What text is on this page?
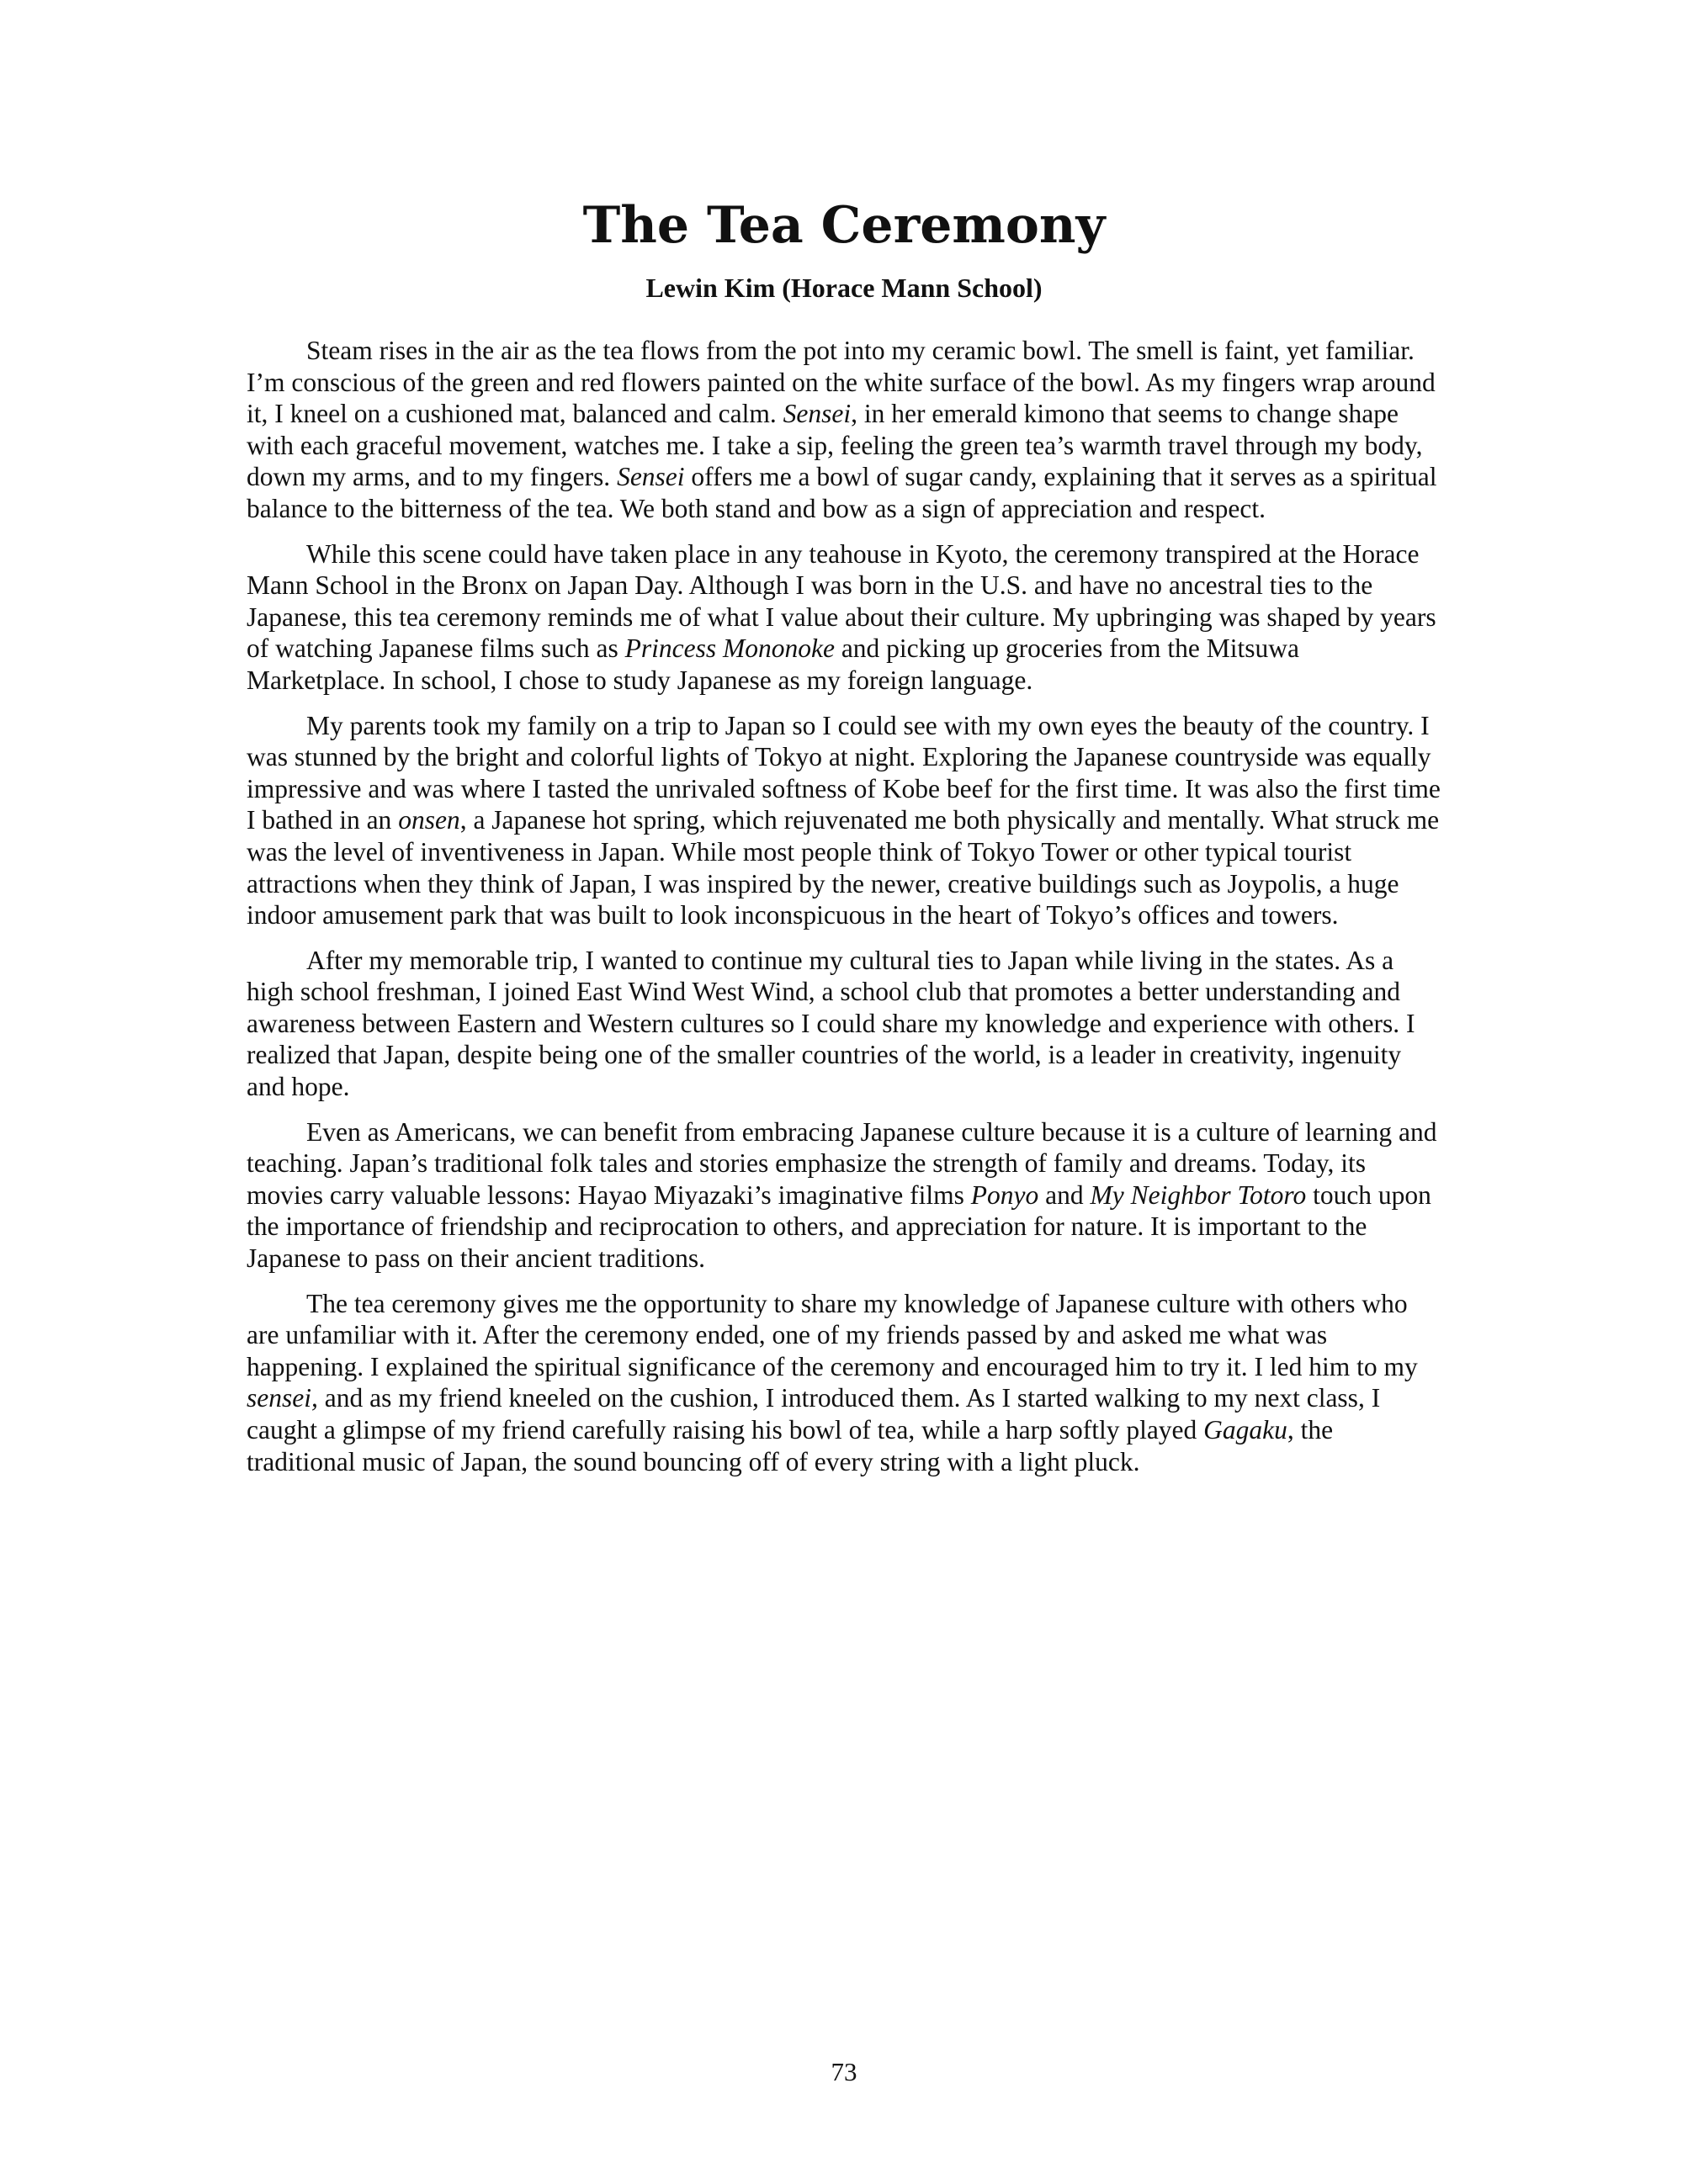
The Tea Ceremony
Lewin Kim (Horace Mann School)

Steam rises in the air as the tea flows from the pot into my ceramic bowl. The smell is faint, yet familiar. I’m conscious of the green and red flowers painted on the white surface of the bowl. As my fingers wrap around it, I kneel on a cushioned mat, balanced and calm. Sensei, in her emerald kimono that seems to change shape with each graceful movement, watches me. I take a sip, feeling the green tea’s warmth travel through my body, down my arms, and to my fingers. Sensei offers me a bowl of sugar candy, explaining that it serves as a spiritual balance to the bitterness of the tea. We both stand and bow as a sign of appreciation and respect.

While this scene could have taken place in any teahouse in Kyoto, the ceremony transpired at the Horace Mann School in the Bronx on Japan Day. Although I was born in the U.S. and have no ancestral ties to the Japanese, this tea ceremony reminds me of what I value about their culture. My upbringing was shaped by years of watching Japanese films such as Princess Mononoke and picking up groceries from the Mitsuwa Marketplace. In school, I chose to study Japanese as my foreign language.

My parents took my family on a trip to Japan so I could see with my own eyes the beauty of the country. I was stunned by the bright and colorful lights of Tokyo at night. Exploring the Japanese countryside was equally impressive and was where I tasted the unrivaled softness of Kobe beef for the first time. It was also the first time I bathed in an onsen, a Japanese hot spring, which rejuvenated me both physically and mentally. What struck me was the level of inventiveness in Japan. While most people think of Tokyo Tower or other typical tourist attractions when they think of Japan, I was inspired by the newer, creative buildings such as Joypolis, a huge indoor amusement park that was built to look inconspicuous in the heart of Tokyo’s offices and towers.

After my memorable trip, I wanted to continue my cultural ties to Japan while living in the states. As a high school freshman, I joined East Wind West Wind, a school club that promotes a better understanding and awareness between Eastern and Western cultures so I could share my knowledge and experience with others. I realized that Japan, despite being one of the smaller countries of the world, is a leader in creativity, ingenuity and hope.

Even as Americans, we can benefit from embracing Japanese culture because it is a culture of learning and teaching. Japan’s traditional folk tales and stories emphasize the strength of family and dreams. Today, its movies carry valuable lessons: Hayao Miyazaki’s imaginative films Ponyo and My Neighbor Totoro touch upon the importance of friendship and reciprocation to others, and appreciation for nature. It is important to the Japanese to pass on their ancient traditions.

The tea ceremony gives me the opportunity to share my knowledge of Japanese culture with others who are unfamiliar with it. After the ceremony ended, one of my friends passed by and asked me what was happening. I explained the spiritual significance of the ceremony and encouraged him to try it. I led him to my sensei, and as my friend kneeled on the cushion, I introduced them. As I started walking to my next class, I caught a glimpse of my friend carefully raising his bowl of tea, while a harp softly played Gagaku, the traditional music of Japan, the sound bouncing off of every string with a light pluck.

73
